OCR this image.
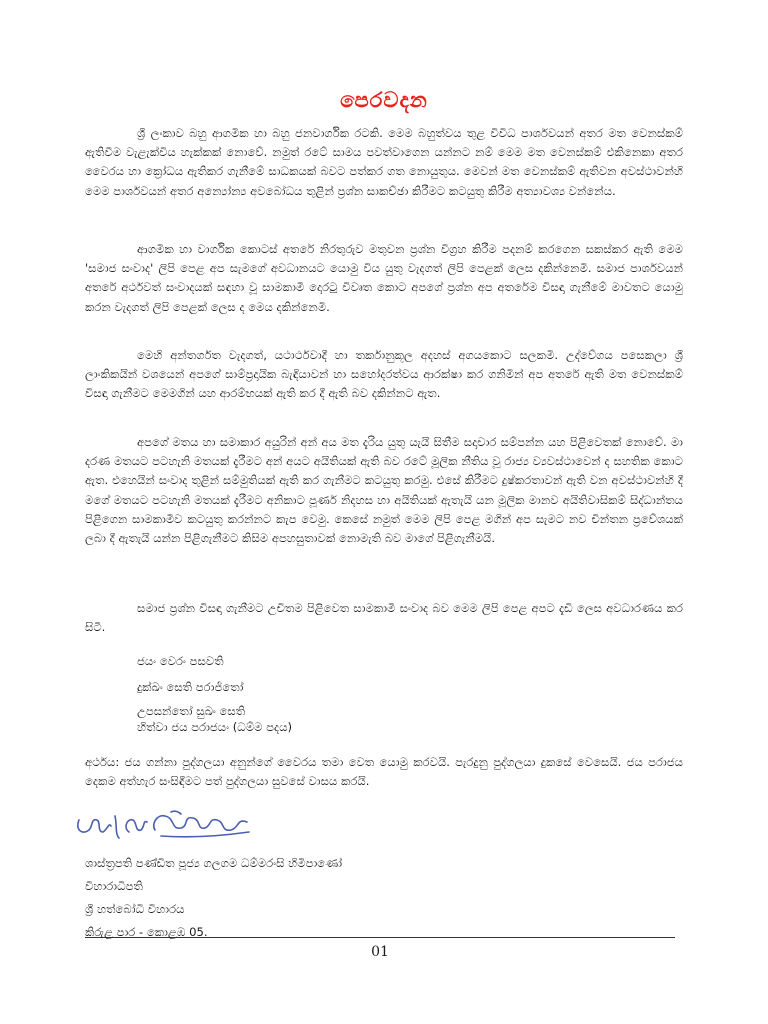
පෙරවදන

ශ්‍රී ලංකාව බහු ආගමික හා බහු ජනවාර්ගික රටකි. මෙම බහුත්වය තුළ විවිධ පාර්ශවයන් අතර මත වෙනස්කම් ඇතිවීම වැළැක්විය හැක්කක් නොවේ. නමුත් රටේ සාමය පවත්වාගෙන යන්නට නම් මෙම මත වෙනස්කම් එකිනෙකා අතර වෛරය හා ක්‍රෝධය ඇතිකර ගැනීමේ සාධකයක් බවට පත්කර ගත නොයුතුය. මෙවන් මත වෙනස්කම් ඇතිවන අවස්ථාවන්හි මෙම පාර්ශවයන් අතර අන්‍යෝන්‍ය අවබෝධය තුළින් ප්‍රශ්න සාකච්ඡා කිරීමට කටයුතු කිරීම අත්‍යාවශ්‍ය වන්නේය.

ආගමික හා වාර්ගික කොටස් අතරේ නිරතුරුව මතුවන ප්‍රශ්න විග්‍රහ කිරීම පදනම් කරගෙන සකස්කර ඇති මෙම 'සමාජ සංවාද' ලිපි පෙළ අප සැමගේ අවධානයට යොමු විය යුතු වැදගත් ලිපි පෙළක් ලෙස දකින්නෙමි. සමාජ පාර්ශවයන් අතරේ අර්ථවත් සංවාදයක් සඳහා වූ සාමකාමී දොරටු විවෘත කොට අපගේ ප්‍රශ්න අප අතරේම විසඳා ගැනීමේ මාවතට යොමු කරන වැදගත් ලිපි පෙළක් ලෙස ද මෙය දකින්නෙමි.

මෙහි අන්තර්ගත වැදගත්, යථාර්ථවාදී හා තර්කානුකූල අදහස් අගයකොට සලකමි. උද්වේගය පසෙකලා ශ්‍රී ලාංකිකයින් වශයෙන් අපගේ සාම්ප්‍රදායික බැඳියාවන් හා සහෝදරත්වය ආරක්ෂා කර ගනිමින් අප අතරේ ඇති මත වෙනස්කම් විසඳා ගැනීමට මෙමගින් යහ ආරම්භයක් ඇති කර දී ඇති බව දකින්නට ඇත.

අපගේ මතය හා සමාකාර අයුරින් අන් අය මත දැරිය යුතු යැයි සිතීම සදාචාර සම්පන්න යහ පිළිවෙතක් නොවේ. මා දරණ මතයට පටහැනි මතයක් දැරීමට අන් අයට අයිතියක් ඇති බව රටේ මූලික නීතිය වූ රාජ්‍ය ව්‍යවස්ථාවෙන් ද සහතික කොට ඇත. එහෙයින් සංවාද තුළින් සම්මුතියක් ඇති කර ගැනීමට කටයුතු කරමු. එසේ කිරීමට දුෂ්කරතාවන් ඇති වන අවස්ථාවන්හි දී මගේ මතයට පටහැනි මතයක් දැරීමට අනිකාට පූර්ණ නිදහස හා අයිතියක් ඇතැයි යන මූලික මානව අයිතිවාසිකම් සිද්ධාන්තය පිළිගෙන සාමකාමීව කටයුතු කරන්නට කැප වෙමු. කෙසේ නමුත් මෙම ලිපි පෙළ මගින් අප සැමට නව චින්තන ප්‍රවේශයක් ලබා දී ඇතැයි යන්න පිළිගැනීමට කිසිම අපහසුතාවක් නොමැති බව මාගේ පිළිගැනීමයි.

සමාජ ප්‍රශ්න විසඳා ගැනීමට උචිතම පිළිවෙත සාමකාමී සංවාද බව මෙම ලිපි පෙළ අපට දැඩි ලෙස අවධාරණය කර සිටී.

ජයං වෙරං පසවති
දුක්ඛං සෙති පරාජිතෝ
උපසන්තෝ සුඛං සෙති
හිත්වා ජය පරාජයං (ධම්ම පදය)

අර්ථය: ජය ගන්නා පුද්ගලයා අනුන්ගේ වෛරය තමා වෙත යොමු කරවයි. පැරදුනු පුද්ගලයා දුකසේ වෙසෙයි. ජය පරාජය දෙකම අත්හැර සංසිඳීමට පත් පුද්ගලයා සුවසේ වාසය කරයි.

ශාස්ත්‍රපති පණ්ඩිත පූජ්‍ය ගලගම ධම්මරංසි හිමිපාණෝ
විහාරාධිපති
ශ්‍රී හත්බෝධි විහාරය
කිරුළ පාර - කොළඹ 05.
01
